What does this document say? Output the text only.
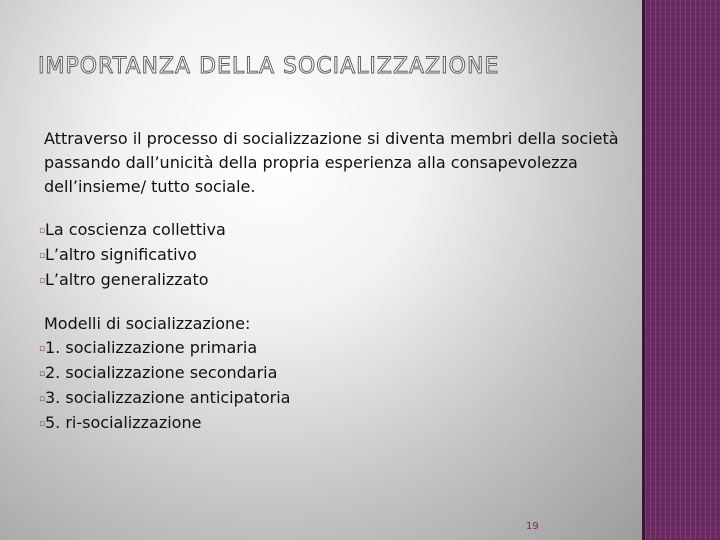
IMPORTANZA DELLA SOCIALIZZAZIONE

Attraverso il processo di socializzazione si diventa membri della società passando dall’unicità della propria esperienza alla consapevolezza dell’insieme/ tutto sociale.

▫La coscienza collettiva
▫L’altro significativo
▫L’altro generalizzato
Modelli di socializzazione:
▫1. socializzazione primaria
▫2. socializzazione secondaria
▫3. socializzazione anticipatoria
▫5. ri-socializzazione
19
